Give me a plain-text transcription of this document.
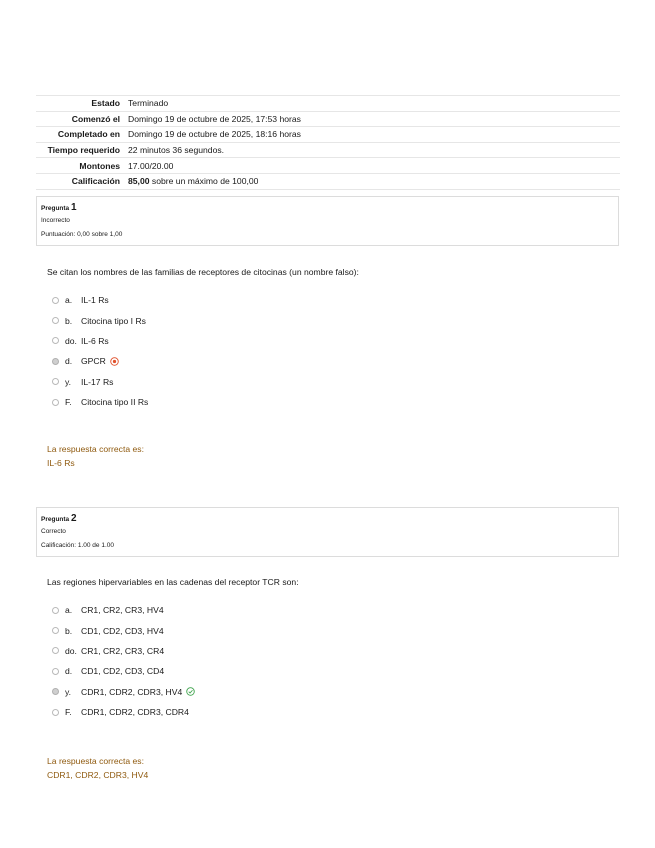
Estado	Terminado
Comenzó el	Domingo 19 de octubre de 2025, 17:53 horas
Completado en	Domingo 19 de octubre de 2025, 18:16 horas
Tiempo requerido	22 minutos 36 segundos.
Montones	17.00/20.00
Calificación	85,00 sobre un máximo de 100,00
Pregunta 1
Incorrecto
Puntuación: 0,00 sobre 1,00
Se citan los nombres de las familias de receptores de citocinas (un nombre falso):
a.	IL-1 Rs
b.	Citocina tipo I Rs
do. IL-6 Rs
d.	GPCR
y.	IL-17 Rs
F.	Citocina tipo II Rs
La respuesta correcta es:
IL-6 Rs
Pregunta 2
Correcto
Calificación: 1.00 de 1.00
Las regiones hipervariables en las cadenas del receptor TCR son:
a.	CR1, CR2, CR3, HV4
b.	CD1, CD2, CD3, HV4
do. CR1, CR2, CR3, CR4
d.	CD1, CD2, CD3, CD4
y.	CDR1, CDR2, CDR3, HV4
F.	CDR1, CDR2, CDR3, CDR4
La respuesta correcta es:
CDR1, CDR2, CDR3, HV4
